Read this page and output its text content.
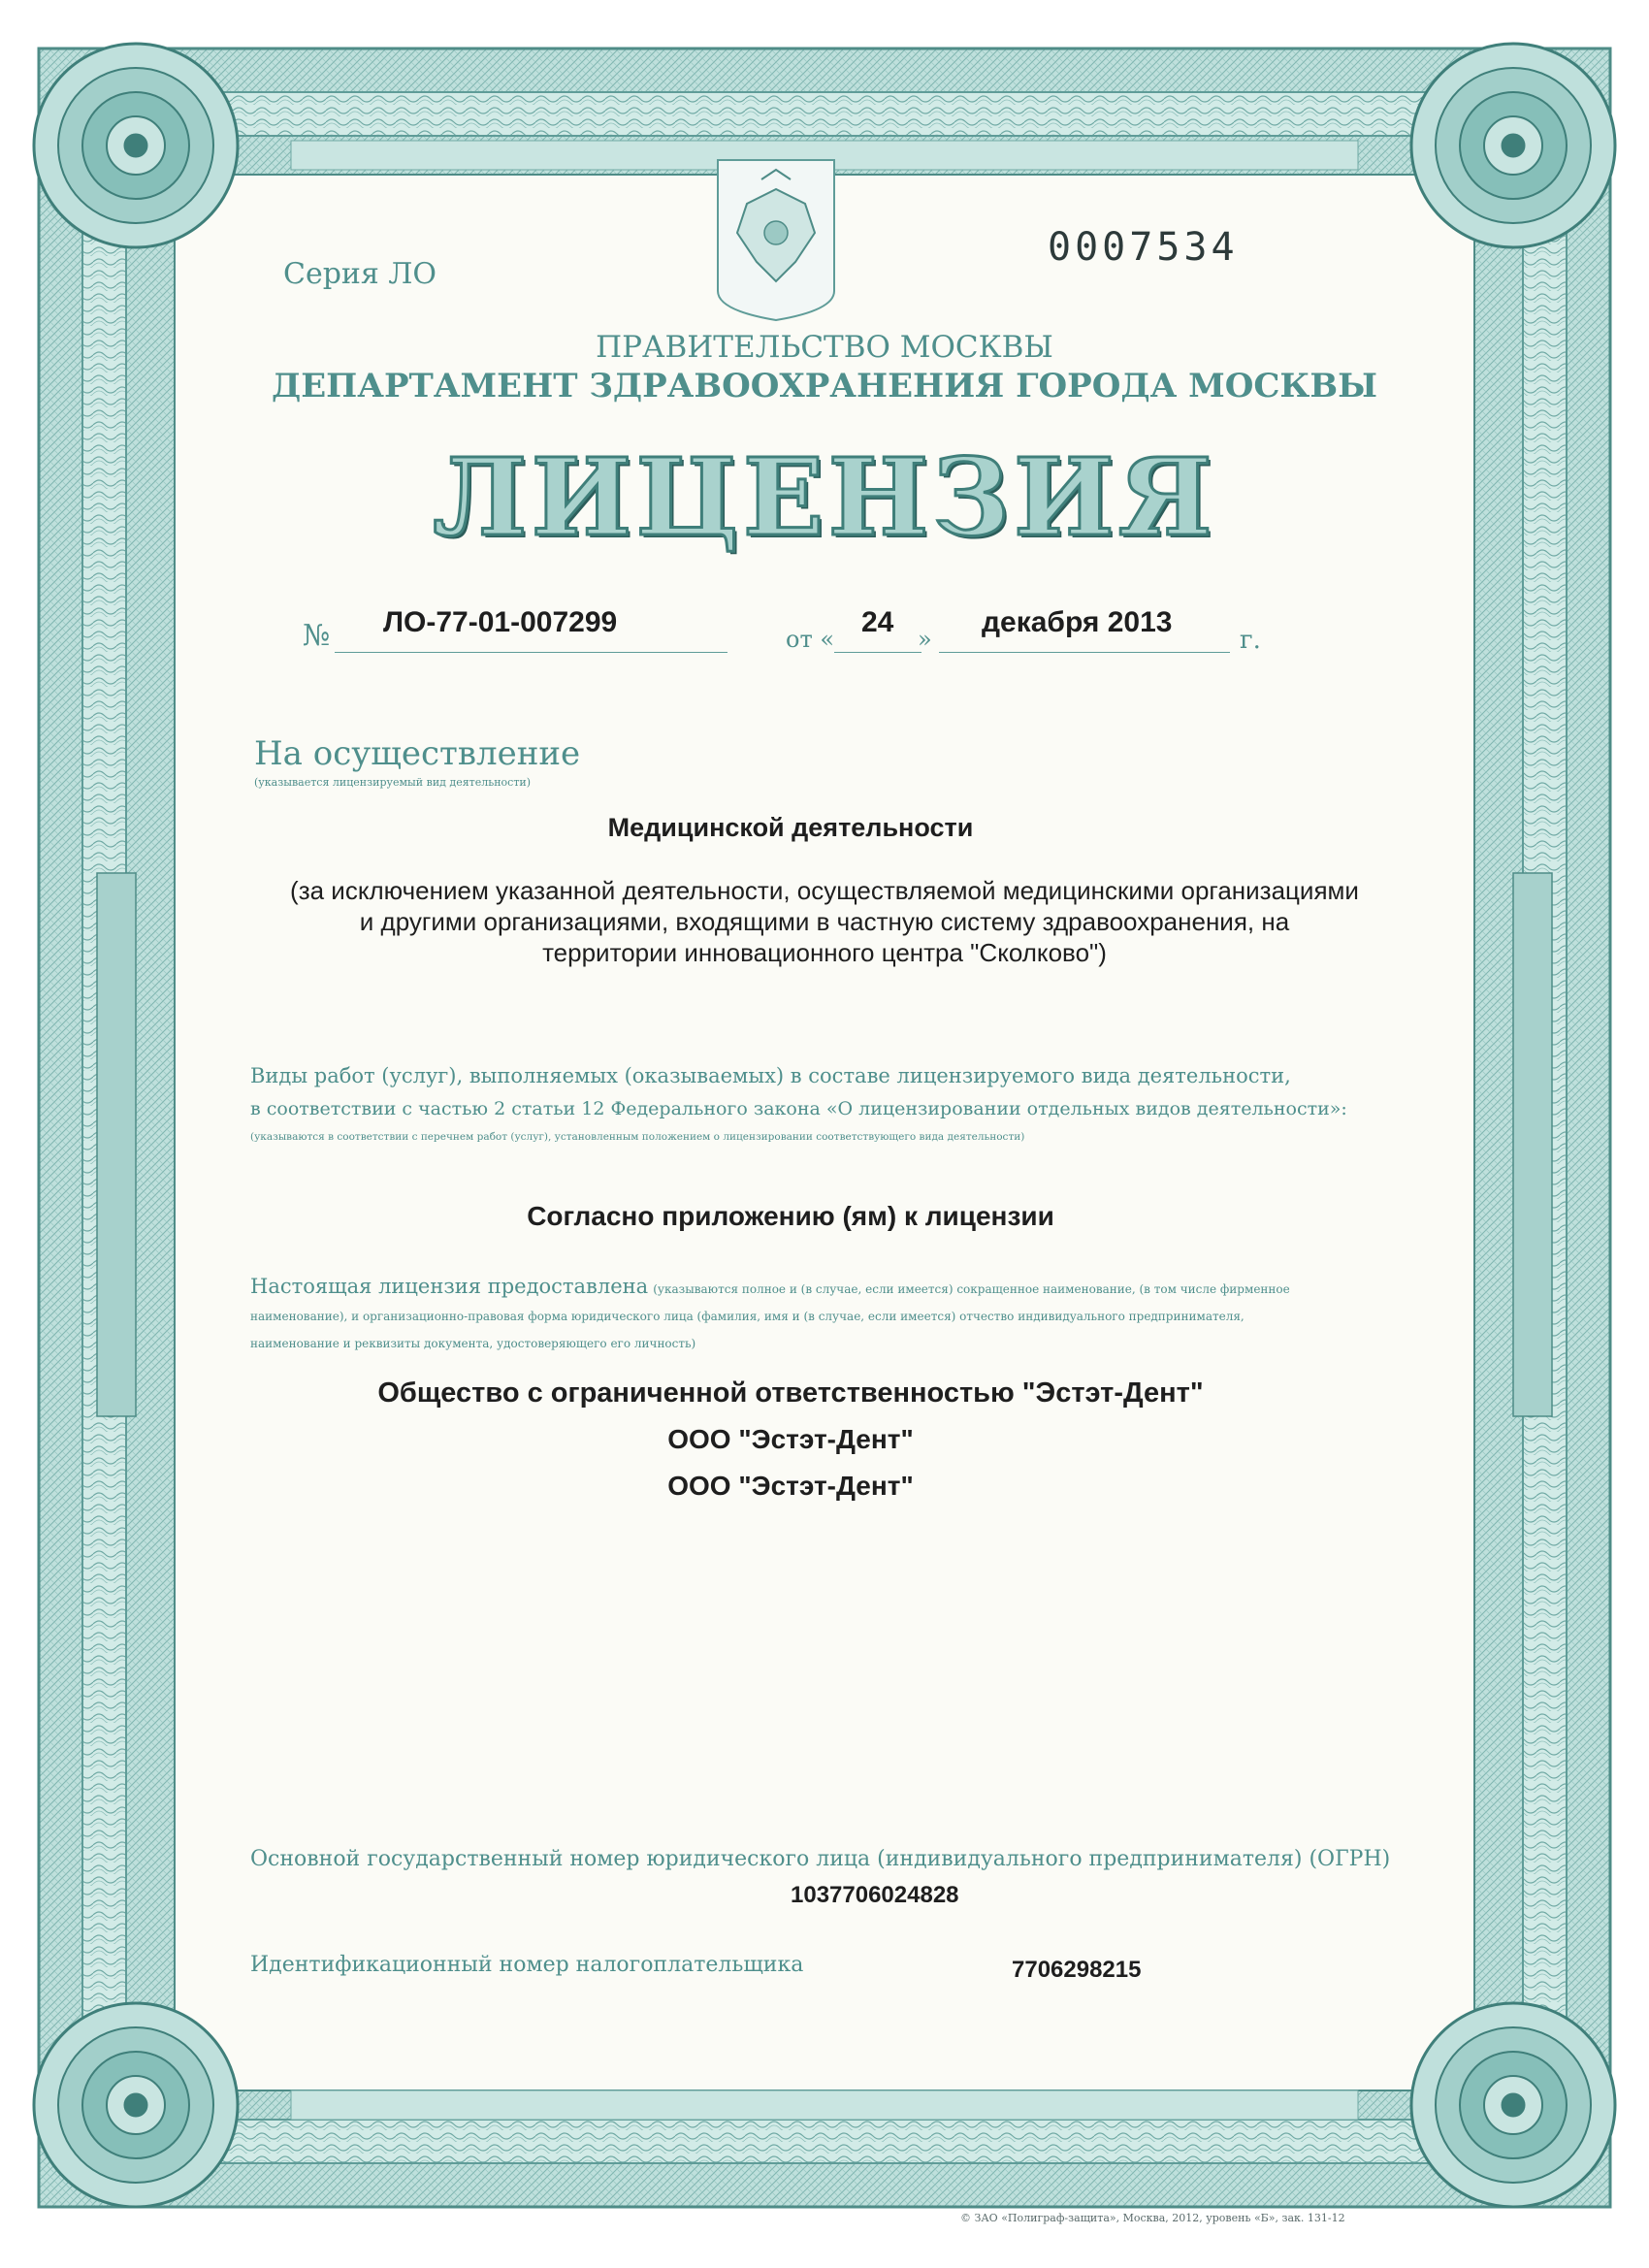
Серия ЛО
0007534
ПРАВИТЕЛЬСТВО МОСКВЫ
ДЕПАРТАМЕНТ ЗДРАВООХРАНЕНИЯ ГОРОДА МОСКВЫ
ЛИЦЕНЗИЯ
№ ЛО-77-01-007299
от «
24
»
декабря 2013
г.
На осуществление
(указывается лицензируемый вид деятельности)
Медицинской деятельности
(за исключением указанной деятельности, осуществляемой медицинскими организациями
и другими организациями, входящими в частную систему здравоохранения, на
территории инновационного центра "Сколково")
Виды работ (услуг), выполняемых (оказываемых) в составе лицензируемого вида деятельности,
в соответствии с частью 2 статьи 12 Федерального закона «О лицензировании отдельных видов деятельности»:
(указываются в соответствии с перечнем работ (услуг), установленным положением о лицензировании соответствующего вида деятельности)
Согласно приложению (ям) к лицензии
Настоящая лицензия предоставлена (указываются полное и (в случае, если имеется) сокращенное наименование, (в том числе фирменное
наименование), и организационно-правовая форма юридического лица (фамилия, имя и (в случае, если имеется) отчество индивидуального предпринимателя,
наименование и реквизиты документа, удостоверяющего его личность)
Общество с ограниченной ответственностью "Эстэт-Дент"
ООО "Эстэт-Дент"
ООО "Эстэт-Дент"
Основной государственный номер юридического лица (индивидуального предпринимателя) (ОГРН)
1037706024828
Идентификационный номер налогоплательщика	7706298215
© ЗАО «Полиграф-защита», Москва, 2012, уровень «Б», зак. 131-12
